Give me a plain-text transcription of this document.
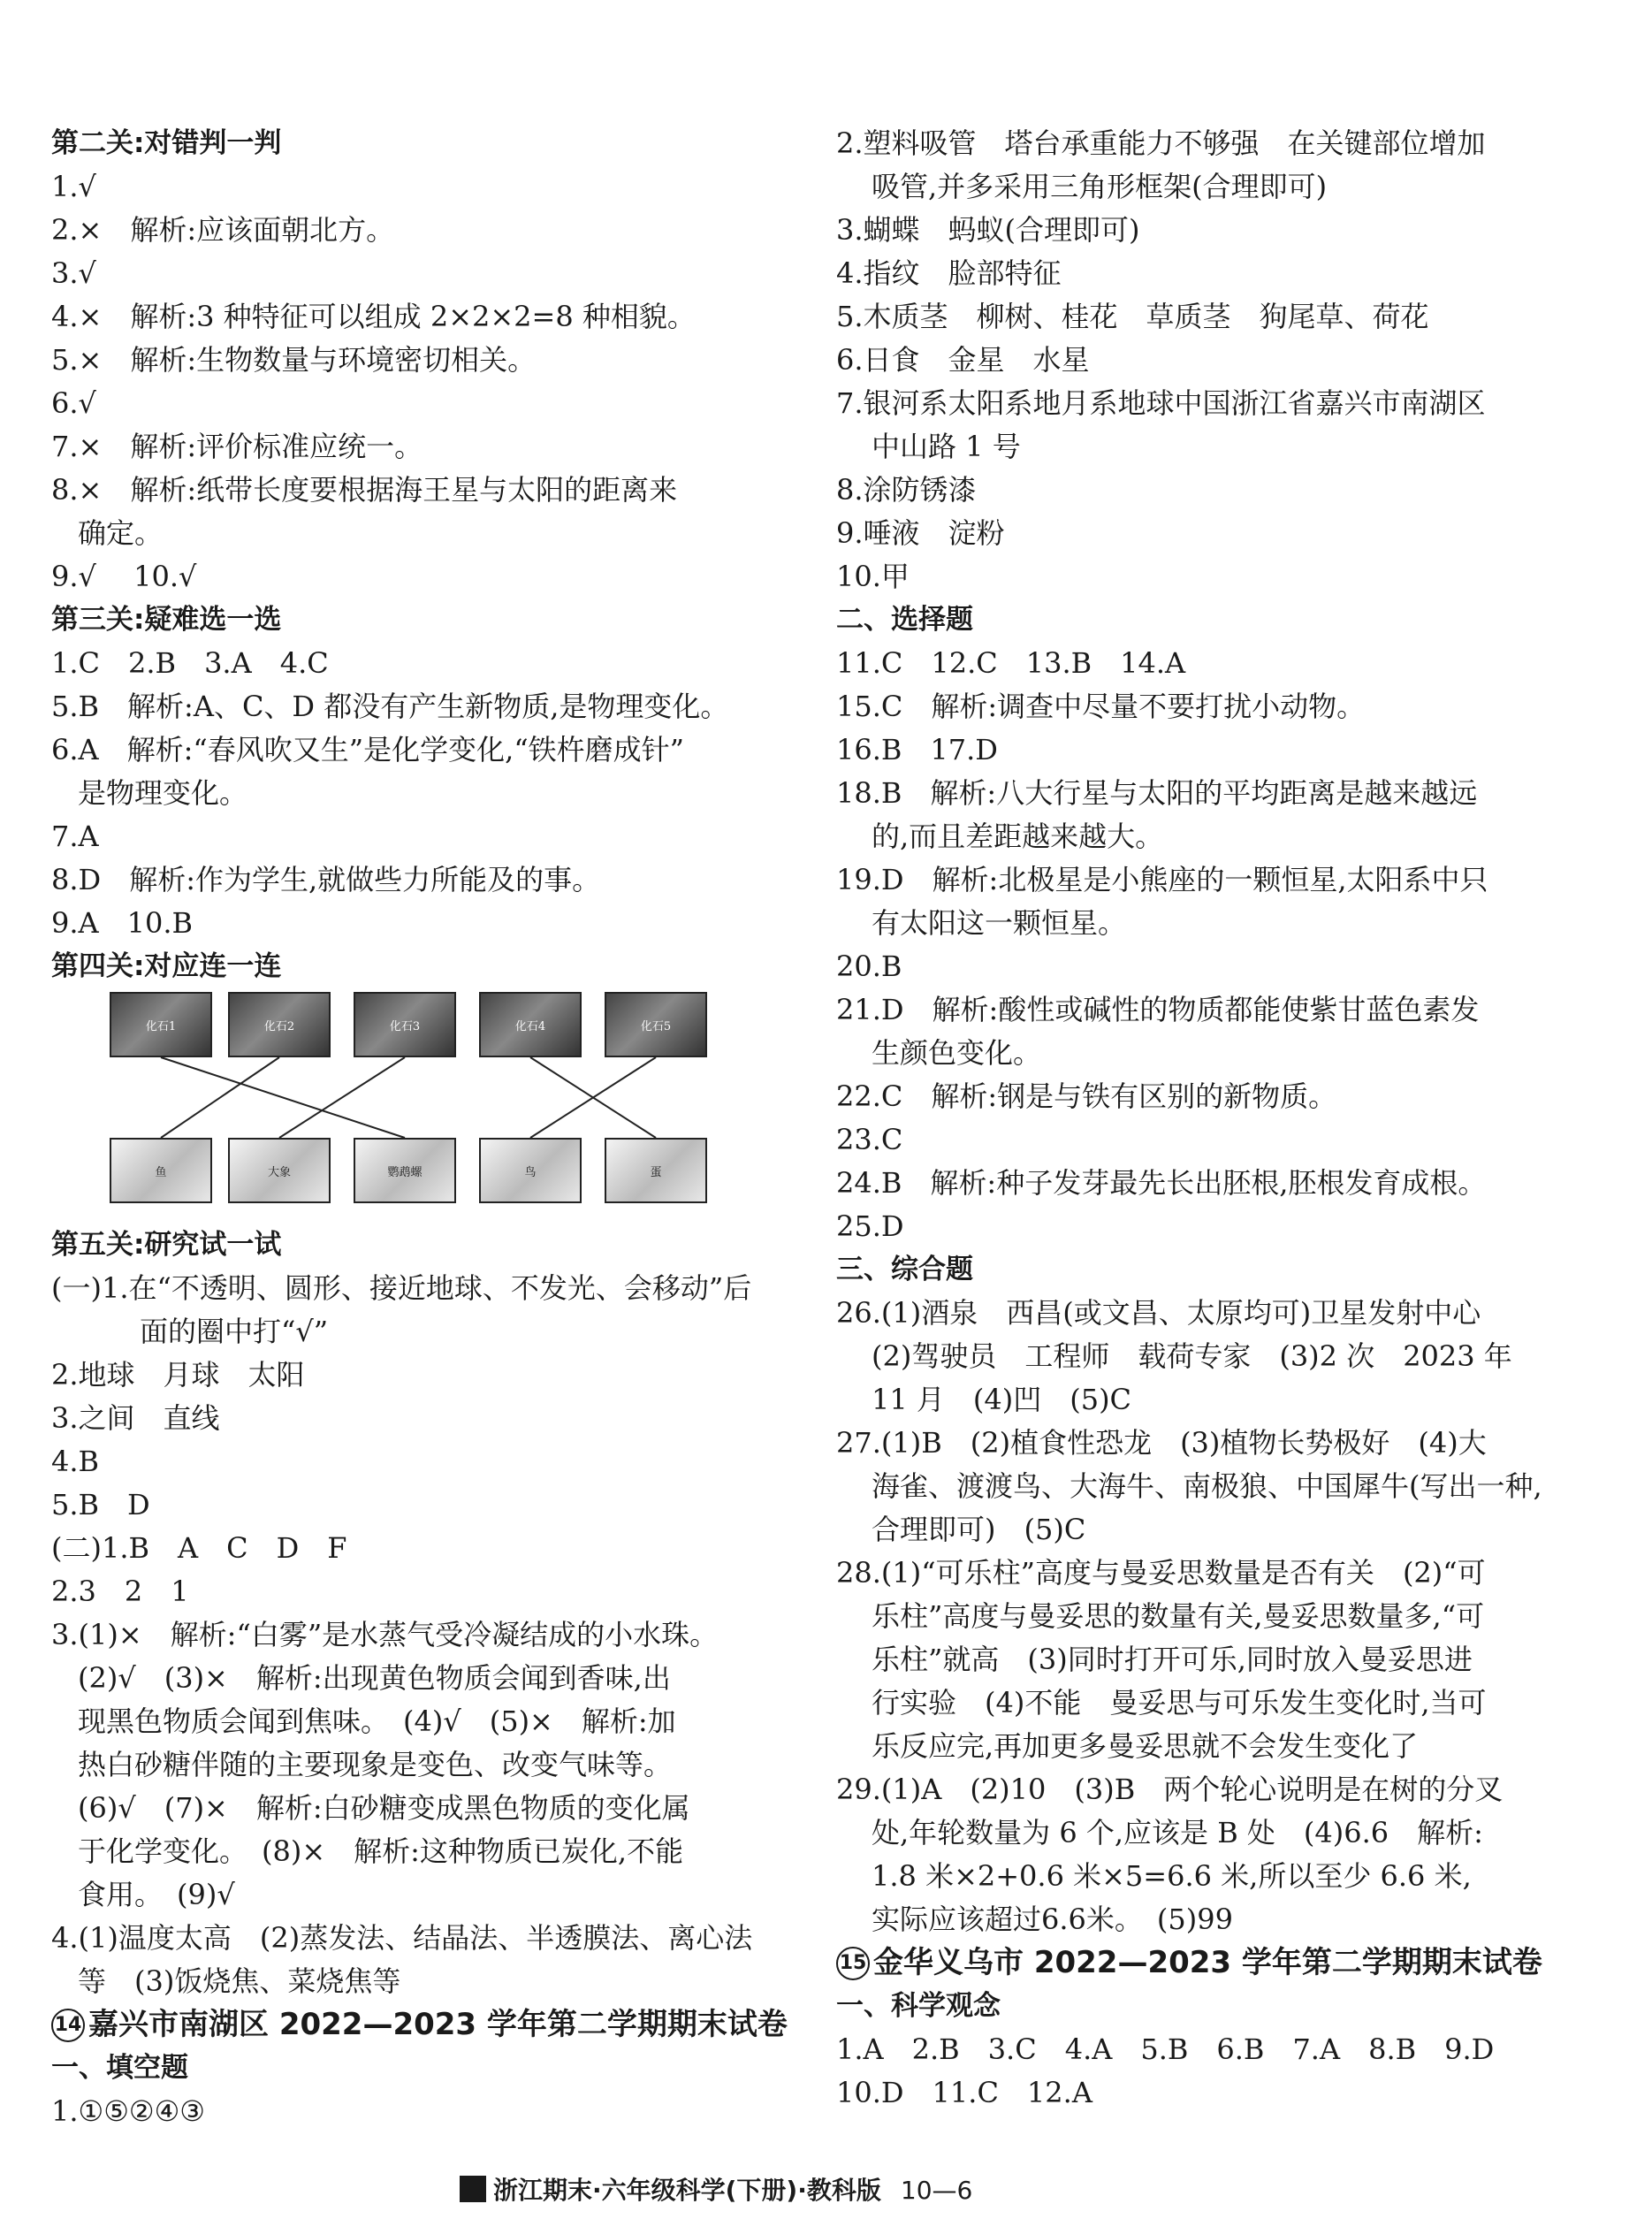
第二关:对错判一判
1.√
2.×　解析:应该面朝北方。
3.√
4.×　解析:3 种特征可以组成 2×2×2=8 种相貌。
5.×　解析:生物数量与环境密切相关。
6.√
7.×　解析:评价标准应统一。
8.×　解析:纸带长度要根据海王星与太阳的距离来
确定。
9.√ 　10.√
第三关:疑难选一选
1.C　2.B　3.A　4.C
5.B　解析:A、C、D 都没有产生新物质,是物理变化。
6.A　解析:“春风吹又生”是化学变化,“铁杵磨成针”
是物理变化。
7.A
8.D　解析:作为学生,就做些力所能及的事。
9.A　10.B
第四关:对应连一连
化石1	化石2	化石3	化石4	化石5
鱼	大象	鹦鹉螺	鸟	蛋
第五关:研究试一试
(一)1.在“不透明、圆形、接近地球、不发光、会移动”后
面的圈中打“√”
2.地球　月球　太阳
3.之间　直线
4.B
5.B　D
(二)1.B　A　C　D　F
2.3　2　1
3.(1)×　解析:“白雾”是水蒸气受冷凝结成的小水珠。
(2)√　(3)×　解析:出现黄色物质会闻到香味,出
现黑色物质会闻到焦味。　(4)√　(5)×　解析:加
热白砂糖伴随的主要现象是变色、改变气味等。
(6)√　(7)×　解析:白砂糖变成黑色物质的变化属
于化学变化。　(8)×　解析:这种物质已炭化,不能
食用。　(9)√
4.(1)温度太高　(2)蒸发法、结晶法、半透膜法、离心法
等　(3)饭烧焦、菜烧焦等
14 嘉兴市南湖区 2022—2023 学年第二学期期末试卷
一、填空题
1.①⑤②④③
2.塑料吸管　塔台承重能力不够强　在关键部位增加
吸管,并多采用三角形框架(合理即可)
3.蝴蝶　蚂蚁(合理即可)
4.指纹　脸部特征
5.木质茎　柳树、桂花　草质茎　狗尾草、荷花
6.日食　金星　水星
7.银河系太阳系地月系地球中国浙江省嘉兴市南湖区
中山路 1 号
8.涂防锈漆
9.唾液　淀粉
10.甲
二、选择题
11.C　12.C　13.B　14.A
15.C　解析:调查中尽量不要打扰小动物。
16.B　17.D
18.B　解析:八大行星与太阳的平均距离是越来越远
的,而且差距越来越大。
19.D　解析:北极星是小熊座的一颗恒星,太阳系中只
有太阳这一颗恒星。
20.B
21.D　解析:酸性或碱性的物质都能使紫甘蓝色素发
生颜色变化。
22.C　解析:钢是与铁有区别的新物质。
23.C
24.B　解析:种子发芽最先长出胚根,胚根发育成根。
25.D
三、综合题
26.(1)酒泉　西昌(或文昌、太原均可)卫星发射中心
(2)驾驶员　工程师　载荷专家　(3)2 次　2023 年
11 月　(4)凹　(5)C
27.(1)B　(2)植食性恐龙　(3)植物长势极好　(4)大
海雀、渡渡鸟、大海牛、南极狼、中国犀牛(写出一种,
合理即可)　(5)C
28.(1)“可乐柱”高度与曼妥思数量是否有关　(2)“可
乐柱”高度与曼妥思的数量有关,曼妥思数量多,“可
乐柱”就高　(3)同时打开可乐,同时放入曼妥思进
行实验　(4)不能　曼妥思与可乐发生变化时,当可
乐反应完,再加更多曼妥思就不会发生变化了
29.(1)A　(2)10　(3)B　两个轮心说明是在树的分叉
处,年轮数量为 6 个,应该是 B 处　(4)6.6　解析:
1.8 米×2+0.6 米×5=6.6 米,所以至少 6.6 米,
实际应该超过6.6米。　(5)99
15 金华义乌市 2022—2023 学年第二学期期末试卷
一、科学观念
1.A　2.B　3.C　4.A　5.B　6.B　7.A　8.B　9.D
10.D　11.C　12.A
浙江期末·六年级科学(下册)·教科版 10—6
